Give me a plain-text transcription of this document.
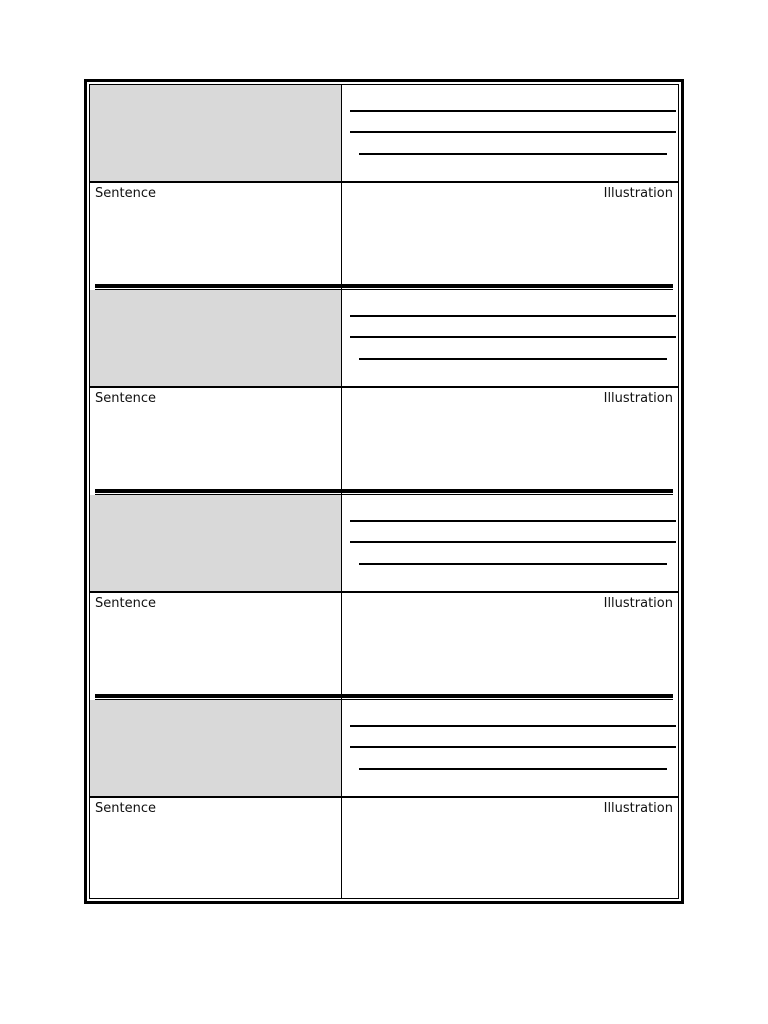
Sentence	Illustration
Sentence	Illustration
Sentence	Illustration
Sentence	Illustration
